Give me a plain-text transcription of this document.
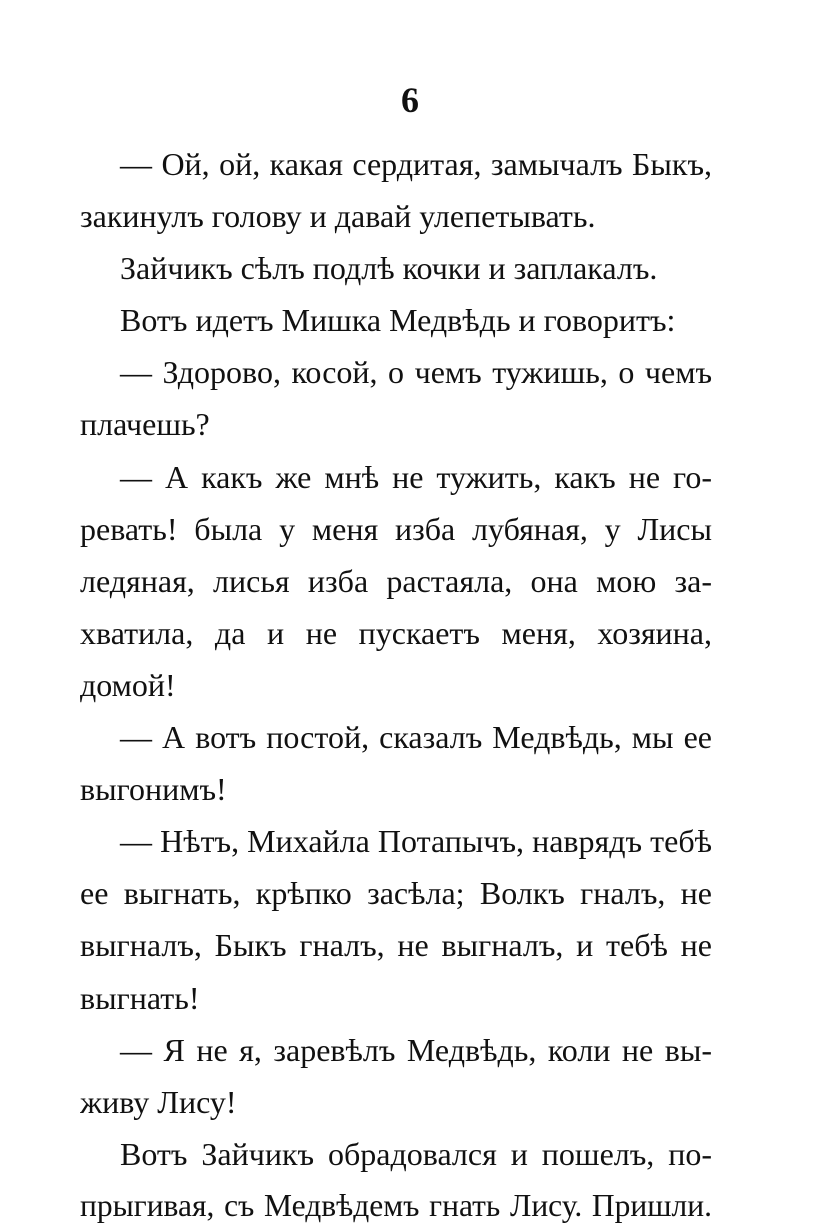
6
— Ой, ой, какая сердитая, замычалъ Быкъ,
закинулъ голову и давай улепетывать.
Зайчикъ сѣлъ подлѣ кочки и заплакалъ.
Вотъ идетъ Мишка Медвѣдь и говоритъ:
— Здорово, косой, о чемъ тужишь, о чемъ
плачешь?
— А какъ же мнѣ не тужить, какъ не го-
ревать! была у меня изба лубяная, у Лисы
ледяная, лисья изба растаяла, она мою за-
хватила, да и не пускаетъ меня, хозяина,
домой!
— А вотъ постой, сказалъ Медвѣдь, мы ее
выгонимъ!
— Нѣтъ, Михайла Потапычъ, наврядъ тебѣ
ее выгнать, крѣпко засѣла; Волкъ гналъ, не
выгналъ, Быкъ гналъ, не выгналъ, и тебѣ не
выгнать!
— Я не я, заревѣлъ Медвѣдь, коли не вы-
живу Лису!
Вотъ Зайчикъ обрадовался и пошелъ, по-
прыгивая, съ Медвѣдемъ гнать Лису. Пришли.
